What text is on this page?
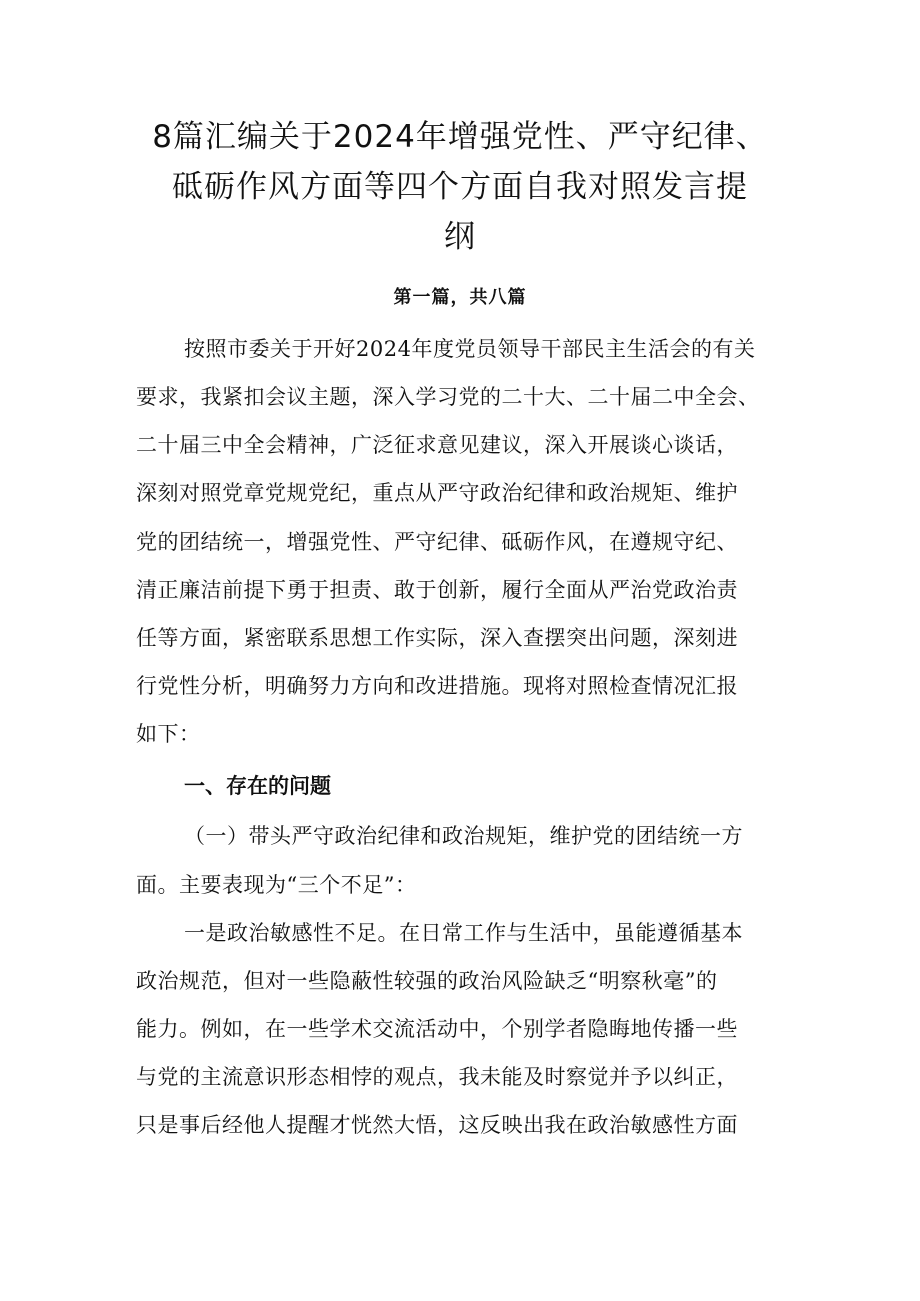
8篇汇编关于2024年增强党性、严守纪律、
砥砺作风方面等四个方面自我对照发言提
纲
第一篇，共八篇
按照市委关于开好2024年度党员领导干部民主生活会的有关
要求，我紧扣会议主题，深入学习党的二十大、二十届二中全会、
二十届三中全会精神，广泛征求意见建议，深入开展谈心谈话，
深刻对照党章党规党纪，重点从严守政治纪律和政治规矩、维护
党的团结统一，增强党性、严守纪律、砥砺作风，在遵规守纪、
清正廉洁前提下勇于担责、敢于创新，履行全面从严治党政治责
任等方面，紧密联系思想工作实际，深入查摆突出问题，深刻进
行党性分析，明确努力方向和改进措施。现将对照检查情况汇报
如下：
一、存在的问题
（一）带头严守政治纪律和政治规矩，维护党的团结统一方
面。主要表现为“三个不足”：
一是政治敏感性不足。在日常工作与生活中，虽能遵循基本
政治规范，但对一些隐蔽性较强的政治风险缺乏“明察秋毫”的
能力。例如，在一些学术交流活动中，个别学者隐晦地传播一些
与党的主流意识形态相悖的观点，我未能及时察觉并予以纠正，
只是事后经他人提醒才恍然大悟，这反映出我在政治敏感性方面
